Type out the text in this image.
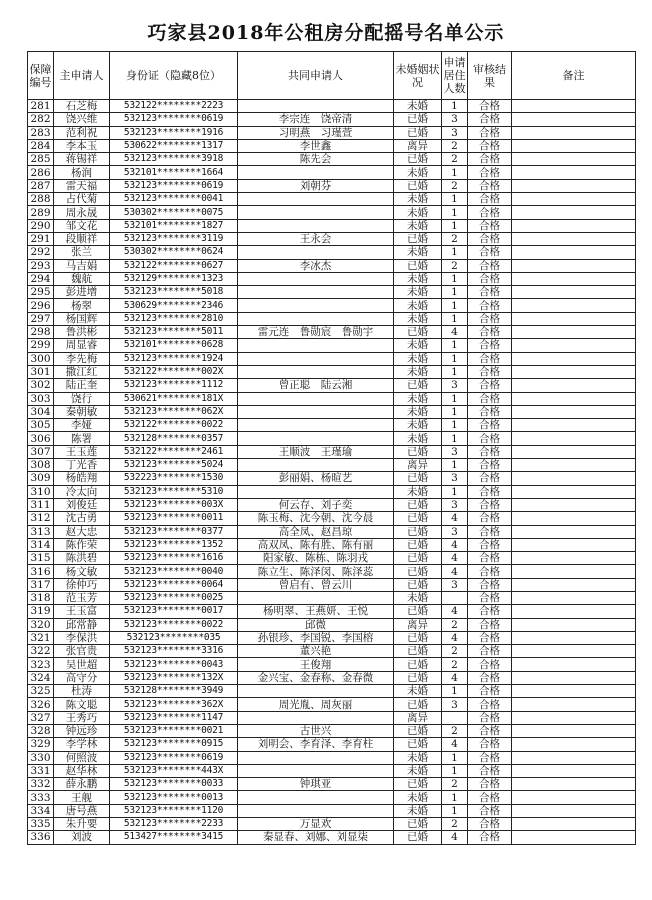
巧家县2018年公租房分配摇号名单公示
保障编号	主申请人	身份证（隐藏8位）	共同申请人	未婚姻状况	申请居住人数	审核结果	备注
281	石芝梅	532122********2223		未婚	1	合格	
282	饶兴维	532123********0619	李宗连　饶帝清	已婚	3	合格	
283	范利祝	532123********1916	习明燕　习瑾萱	已婚	3	合格	
284	李本玉	530622********1317	李世鑫	离异	2	合格	
285	蒋锡祥	532123********3918	陈先会	已婚	2	合格	
286	杨润	532101********1664		未婚	1	合格	
287	雷天福	532123********0619	刘朝芬	已婚	2	合格	
288	占代菊	532123********0041		未婚	1	合格	
289	周永晟	530302********0075		未婚	1	合格	
290	邹文花	532101********1827		未婚	1	合格	
291	段顺祥	532123********3119	王永会	已婚	2	合格	
292	张兰	530302********0624		未婚	1	合格	
293	马吉娟	532122********0627	李冰杰	已婚	2	合格	
294	魏航	532129********1323		未婚	1	合格	
295	彭进增	532123********5018		未婚	1	合格	
296	杨翠	530629********2346		未婚	1	合格	
297	杨国辉	532123********2810		未婚	1	合格	
298	鲁洪彬	532123********5011	雷元连　鲁勋宸　鲁勋宇	已婚	4	合格	
299	周显睿	532101********0628		未婚	1	合格	
300	李先梅	532123********1924		未婚	1	合格	
301	撒江红	532122********002X		未婚	1	合格	
302	陆正奎	532123********1112	曾正聪　陆云湘	已婚	3	合格	
303	饶行	530621********181X		未婚	1	合格	
304	秦朝敏	532123********062X		未婚	1	合格	
305	李娅	532122********0022		未婚	1	合格	
306	陈署	532128********0357		未婚	1	合格	
307	王玉莲	532122********2461	王顺波　王瑾瑜	已婚	3	合格	
308	丁光香	532123********5024		离异	1	合格	
309	杨皓翔	532223********1530	彭丽娟、杨暄艺	已婚	3	合格	
310	冷太向	532123********5310		未婚	1	合格	
311	刘俊廷	532123********003X	何云存、刘子奕	已婚	3	合格	
312	沈古勇	532123********0011	陈玉梅、沈今朝、沈今晨	已婚	4	合格	
313	赵大忠	532123********0377	高全凤、赵昌琼	已婚	3	合格	
314	陈作荣	532123********1352	高双凤、陈有胜、陈有丽	已婚	4	合格	
315	陈洪碧	532123********1616	阳家敏、陈栋、陈羽戎	已婚	4	合格	
316	杨文敏	532123********0040	陈立生、陈泽闵、陈泽蕊	已婚	4	合格	
317	徐仲巧	532123********0064	曾启有、曾云川	已婚	3	合格	
318	范玉芳	532123********0025		未婚		合格	
319	王玉富	532123********0017	杨明翠、王燕妍、王悦	已婚	4	合格	
320	邱常静	532123********0022	邱微	离异	2	合格	
321	李保洪	532123********035	孙银珍、李国锐、李国榕	已婚	4	合格	
322	张官贵	532123********3316	董兴艳	已婚	2	合格	
323	吴世超	532123********0043	王俊翔	已婚	2	合格	
324	高守分	532123********132X	金兴宝、金春称、金春微	已婚	4	合格	
325	杜涛	532128********3949		未婚	1	合格	
326	陈文聪	532123********362X	周光胤、周灰丽	已婚	3	合格	
327	王秀巧	532123********1147		离异		合格	
328	钟远珍	532123********0021	古世兴	已婚	2	合格	
329	李学林	532123********0915	刘明会、李育泽、李育柱	已婚	4	合格	
330	何照波	532123********0619		未婚	1	合格	
331	赵华林	532123********443X		未婚	1	合格	
332	薛永鹏	532123********0033	钟琪亚	已婚	2	合格	
333	王舰	532123********0013		未婚	1	合格	
334	唐号燕	532123********1120		未婚	1	合格	
335	朱升要	532123********2233	万显欢	已婚	2	合格	
336	刘波	513427********3415	秦显春、刘娜、刘显柒	已婚	4	合格	
